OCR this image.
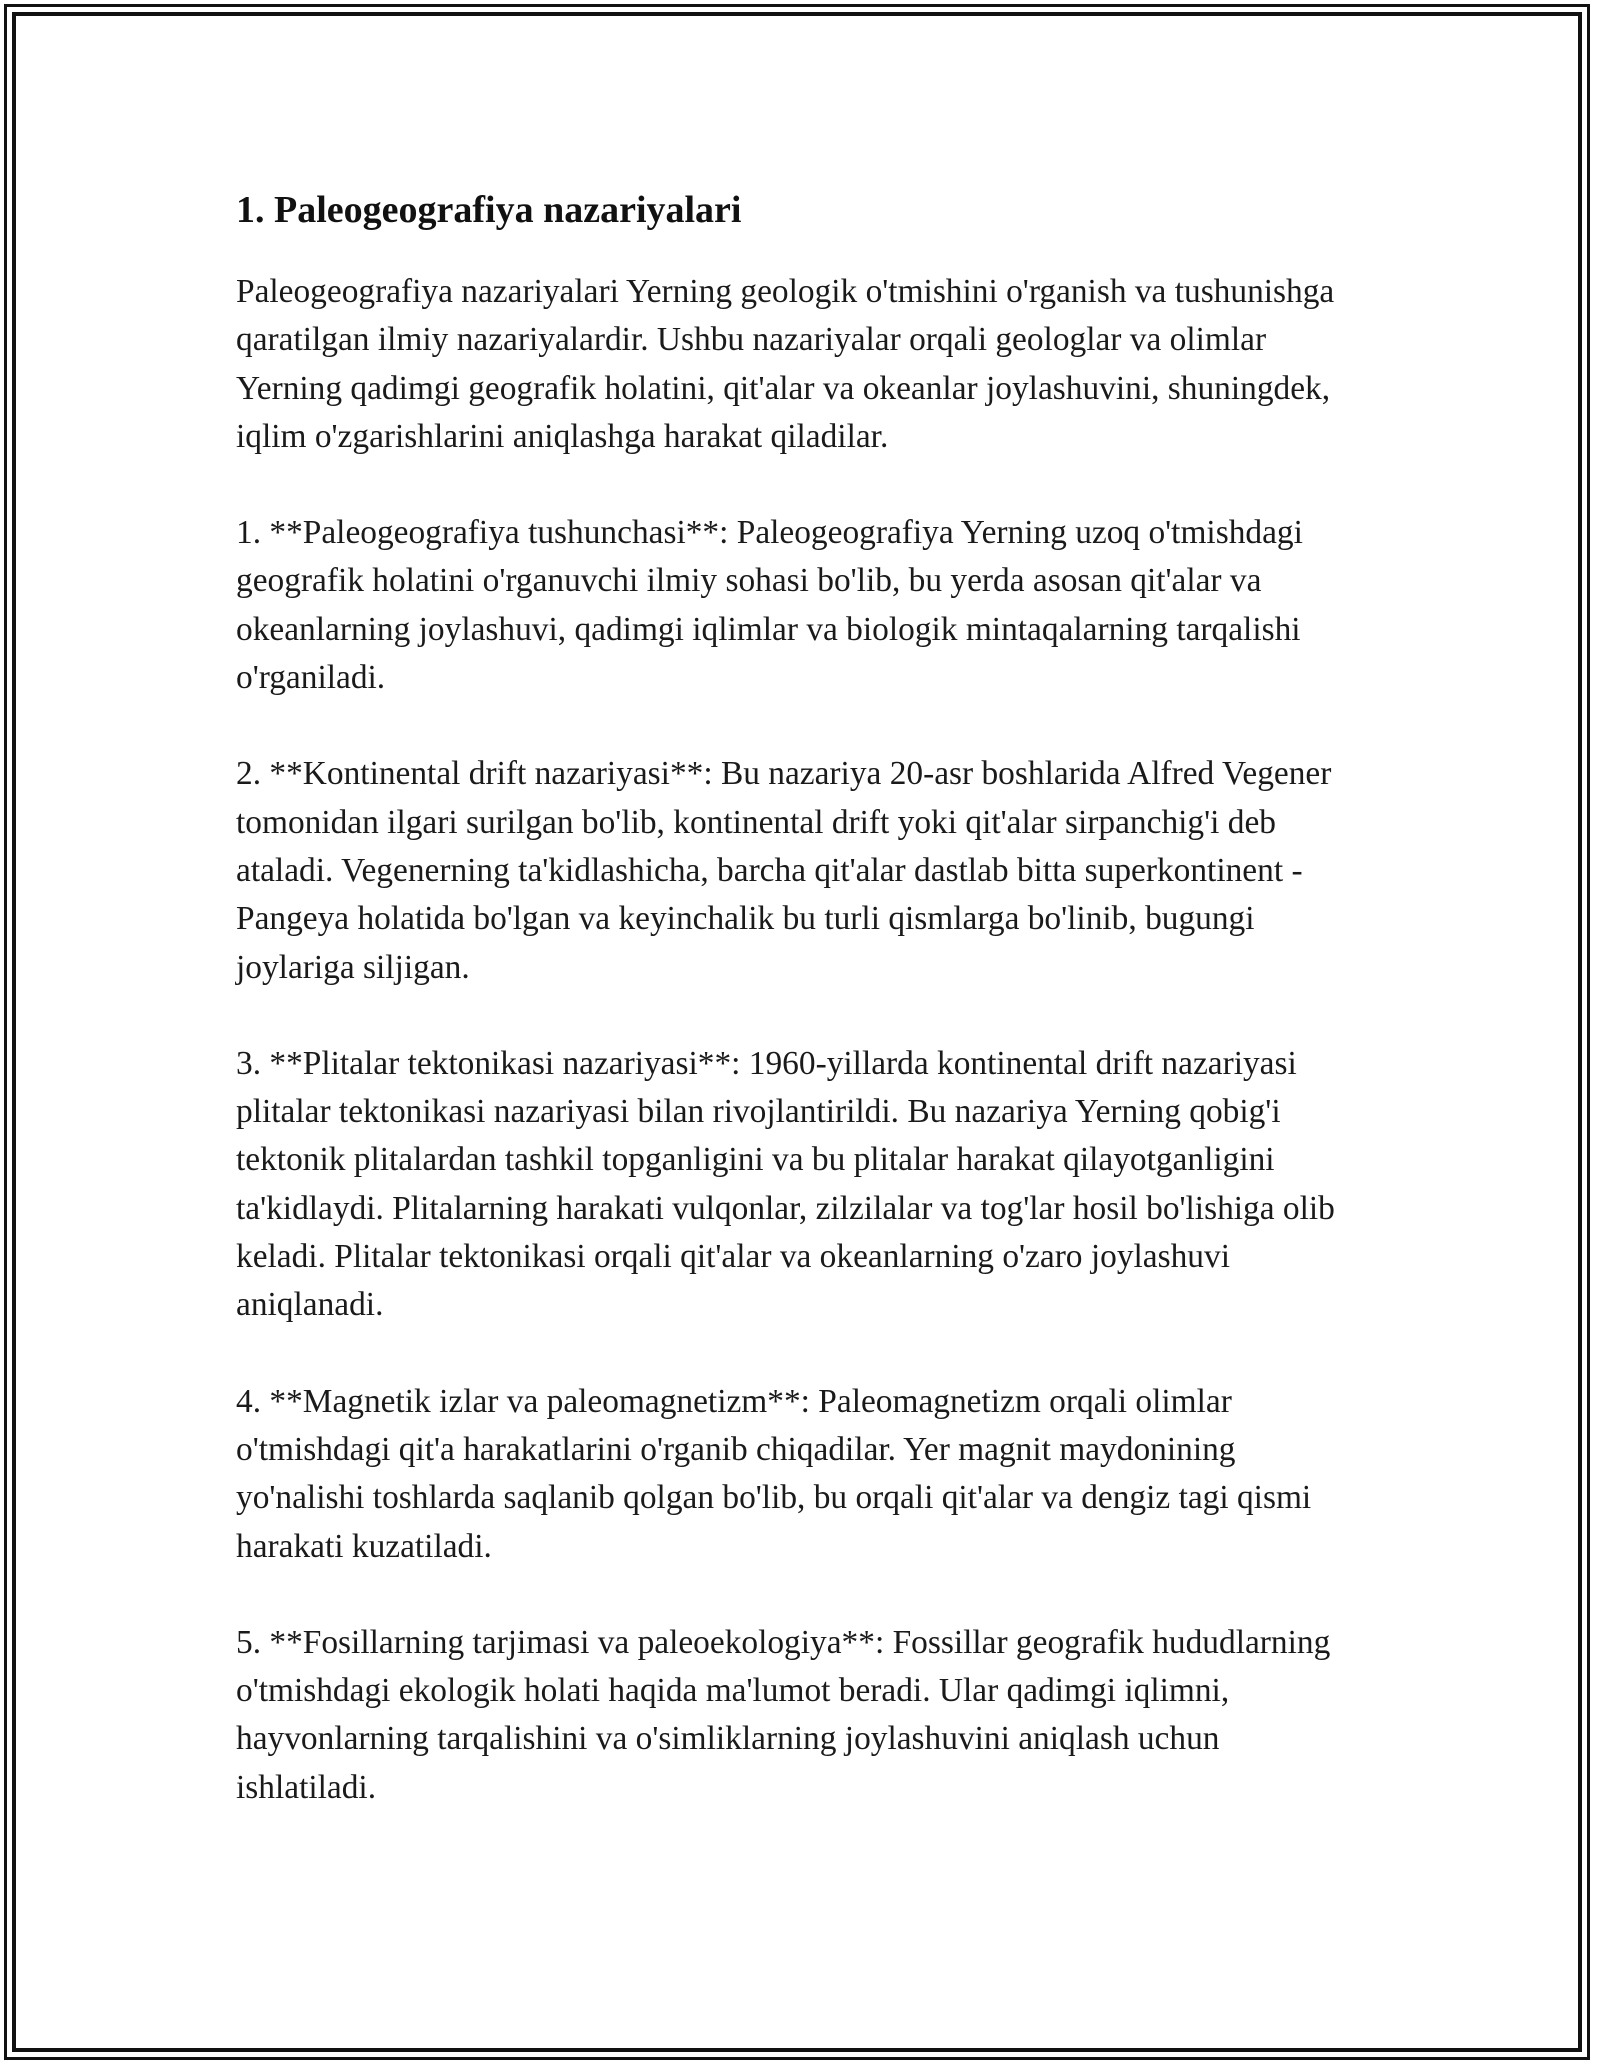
1. Paleogeografiya nazariyalari

Paleogeografiya nazariyalari Yerning geologik o'tmishini o'rganish va tushunishga qaratilgan ilmiy nazariyalardir. Ushbu nazariyalar orqali geologlar va olimlar Yerning qadimgi geografik holatini, qit'alar va okeanlar joylashuvini, shuningdek, iqlim o'zgarishlarini aniqlashga harakat qiladilar.

1. **Paleogeografiya tushunchasi**: Paleogeografiya Yerning uzoq o'tmishdagi geografik holatini o'rganuvchi ilmiy sohasi bo'lib, bu yerda asosan qit'alar va okeanlarning joylashuvi, qadimgi iqlimlar va biologik mintaqalarning tarqalishi o'rganiladi.

2. **Kontinental drift nazariyasi**: Bu nazariya 20-asr boshlarida Alfred Vegener tomonidan ilgari surilgan bo'lib, kontinental drift yoki qit'alar sirpanchig'i deb ataladi. Vegenerning ta'kidlashicha, barcha qit'alar dastlab bitta superkontinent - Pangeya holatida bo'lgan va keyinchalik bu turli qismlarga bo'linib, bugungi joylariga siljigan.

3. **Plitalar tektonikasi nazariyasi**: 1960-yillarda kontinental drift nazariyasi plitalar tektonikasi nazariyasi bilan rivojlantirildi. Bu nazariya Yerning qobig'i tektonik plitalardan tashkil topganligini va bu plitalar harakat qilayotganligini ta'kidlaydi. Plitalarning harakati vulqonlar, zilzilalar va tog'lar hosil bo'lishiga olib keladi. Plitalar tektonikasi orqali qit'alar va okeanlarning o'zaro joylashuvi aniqlanadi.

4. **Magnetik izlar va paleomagnetizm**: Paleomagnetizm orqali olimlar o'tmishdagi qit'a harakatlarini o'rganib chiqadilar. Yer magnit maydonining yo'nalishi toshlarda saqlanib qolgan bo'lib, bu orqali qit'alar va dengiz tagi qismi harakati kuzatiladi.

5. **Fosillarning tarjimasi va paleoekologiya**: Fossillar geografik hududlarning o'tmishdagi ekologik holati haqida ma'lumot beradi. Ular qadimgi iqlimni, hayvonlarning tarqalishini va o'simliklarning joylashuvini aniqlash uchun ishlatiladi.
